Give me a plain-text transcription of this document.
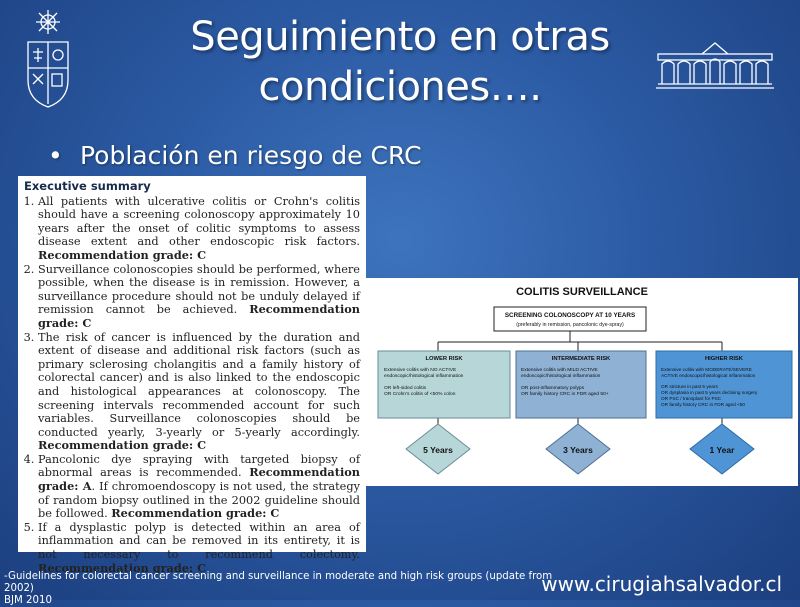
Seguimiento en otras
condiciones….
• Población en riesgo de CRC
Executive summary
1. All patients with ulcerative colitis or Crohn's colitis should have a screening colonoscopy approximately 10 years after the onset of colitic symptoms to assess disease extent and other endoscopic risk factors. Recommendation grade: C
2. Surveillance colonoscopies should be performed, where possible, when the disease is in remission. However, a surveillance procedure should not be unduly delayed if remission cannot be achieved. Recommendation grade: C
3. The risk of cancer is influenced by the duration and extent of disease and additional risk factors (such as primary sclerosing cholangitis and a family history of colorectal cancer) and is also linked to the endoscopic and histological appearances at colonoscopy. The screening intervals recommended account for such variables. Surveillance colonoscopies should be conducted yearly, 3-yearly or 5-yearly accordingly. Recommendation grade: C
4. Pancolonic dye spraying with targeted biopsy of abnormal areas is recommended. Recommendation grade: A. If chromoendoscopy is not used, the strategy of random biopsy outlined in the 2002 guideline should be followed. Recommendation grade: C
5. If a dysplastic polyp is detected within an area of inflammation and can be removed in its entirety, it is not necessary to recommend colectomy. Recommendation grade: C
COLITIS SURVEILLANCE
SCREENING COLONOSCOPY AT 10 YEARS
(preferably in remission, pancolonic dye-spray)
LOWER RISK
Extensive colitis with NO ACTIVE endoscopic/histological inflammation OR left-sided colitis OR Crohn's colitis of <50% colon
5 Years
INTERMEDIATE RISK
Extensive colitis with MILD ACTIVE endoscopic/histological inflammation OR post-inflammatory polyps OR family history CRC in FDR aged 50+
3 Years
HIGHER RISK
Extensive colitis with MODERATE/SEVERE ACTIVE endoscopic/histological inflammation OR stricture in past 5 years OR dysplasia in past 5 years declining surgery OR PSC / transplant for PSC OR family history CRC in FDR aged <50
1 Year
-Guidelines for colorectal cancer screening and surveillance in moderate and high risk groups (update from 2002)
BJM 2010
www.cirugiahsalvador.cl
